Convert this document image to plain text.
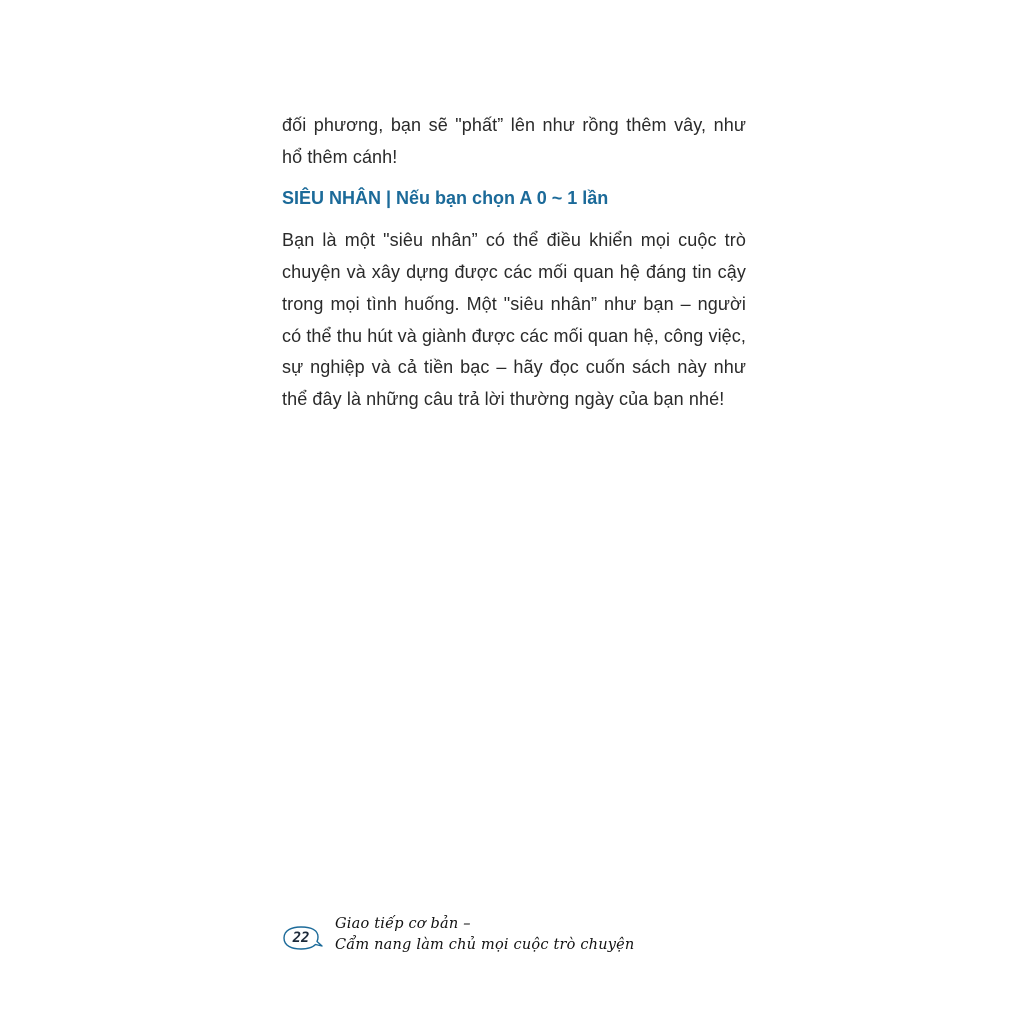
đối phương, bạn sẽ "phất” lên như rồng thêm vây, như hổ thêm cánh!

SIÊU NHÂN | Nếu bạn chọn A 0 ~ 1 lần

Bạn là một "siêu nhân” có thể điều khiển mọi cuộc trò chuyện và xây dựng được các mối quan hệ đáng tin cậy trong mọi tình huống. Một "siêu nhân” như bạn – người có thể thu hút và giành được các mối quan hệ, công việc, sự nghiệp và cả tiền bạc – hãy đọc cuốn sách này như thể đây là những câu trả lời thường ngày của bạn nhé!

22
Giao tiếp cơ bản –
Cẩm nang làm chủ mọi cuộc trò chuyện
